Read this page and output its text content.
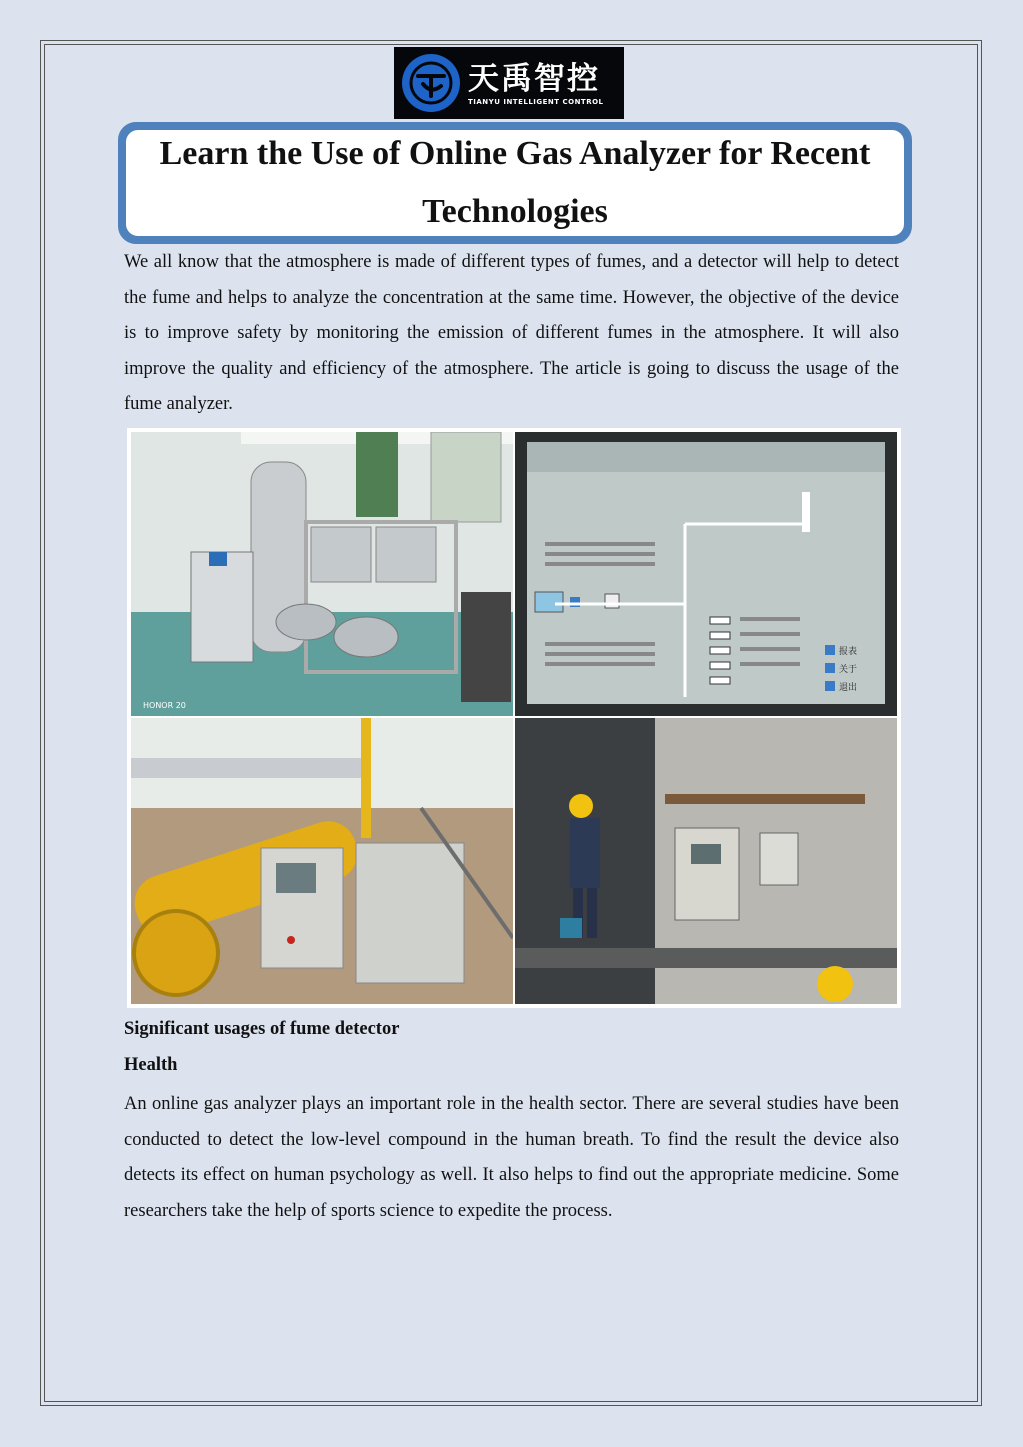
天禹智控
TIANYU INTELLIGENT CONTROL
Learn the Use of Online Gas Analyzer for Recent Technologies

We all know that the atmosphere is made of different types of fumes, and a detector will help to detect the fume and helps to analyze the concentration at the same time. However, the objective of the device is to improve safety by monitoring the emission of different fumes in the atmosphere. It will also improve the quality and efficiency of the atmosphere. The article is going to discuss the usage of the fume analyzer.

HONOR 20
报表
关于
退出
Significant usages of fume detector
Health

An online gas analyzer plays an important role in the health sector. There are several studies have been conducted to detect the low-level compound in the human breath. To find the result the device also detects its effect on human psychology as well. It also helps to find out the appropriate medicine. Some researchers take the help of sports science to expedite the process.
